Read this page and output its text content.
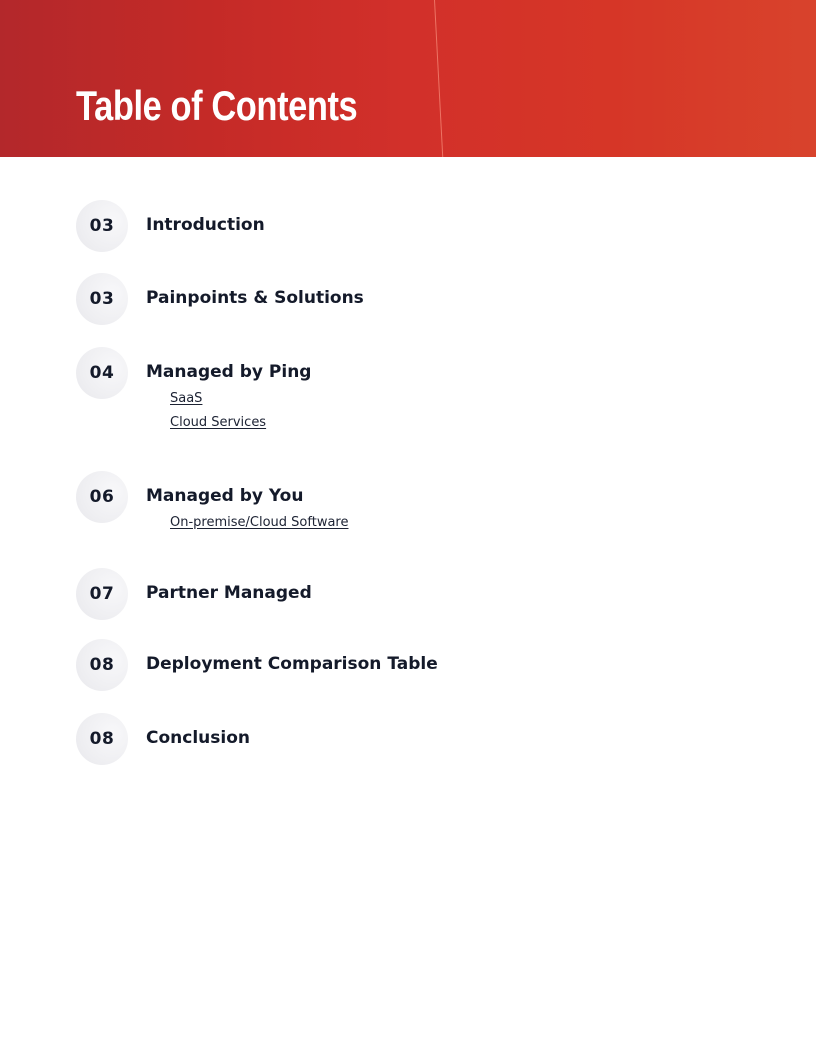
Table of Contents
03 Introduction
03 Painpoints & Solutions
04 Managed by Ping
SaaS
Cloud Services
06 Managed by You
On-premise/Cloud Software
07 Partner Managed
08 Deployment Comparison Table
08 Conclusion
